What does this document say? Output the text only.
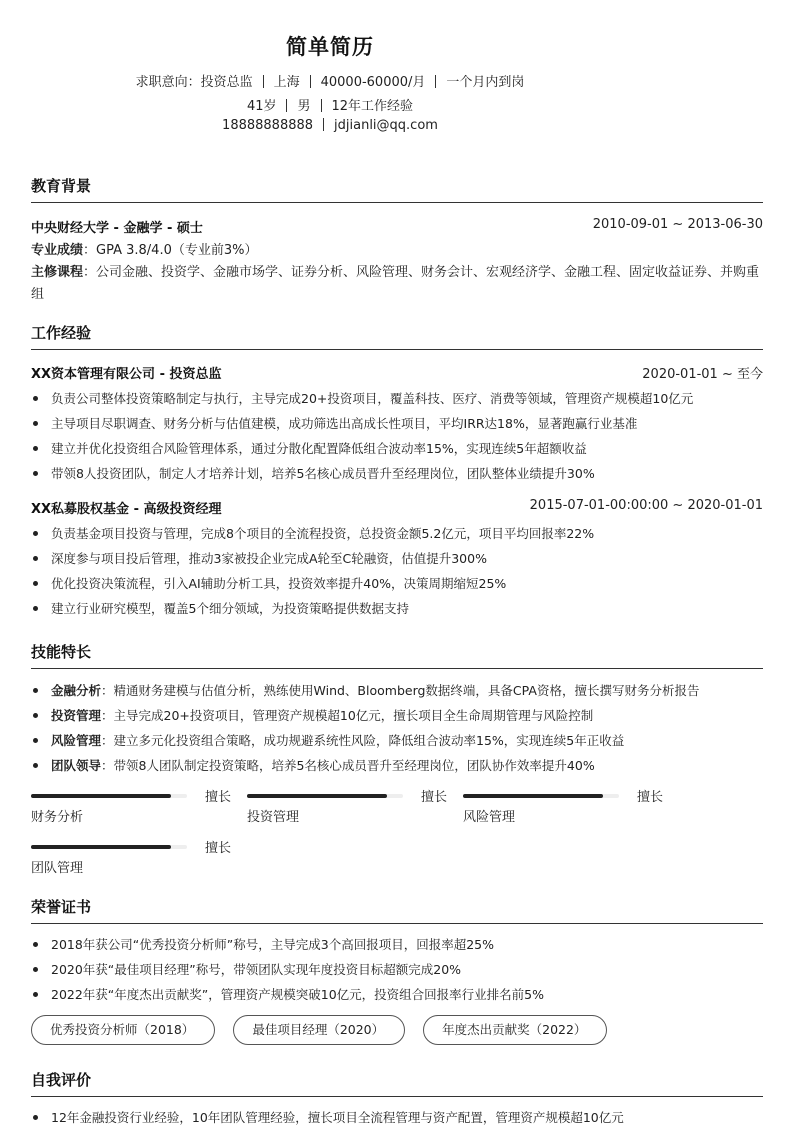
简单简历
求职意向：投资总监 上海 40000-60000/月 一个月内到岗
41岁 男 12年工作经验
18888888888 jdjianli@qq.com
教育背景
中央财经大学 - 金融学 - 硕士	2010-09-01 ~ 2013-06-30
专业成绩：GPA 3.8/4.0（专业前3%）
主修课程：公司金融、投资学、金融市场学、证券分析、风险管理、财务会计、宏观经济学、金融工程、固定收益证券、并购重组
工作经验
XX资本管理有限公司 - 投资总监	2020-01-01 ~ 至今
负责公司整体投资策略制定与执行，主导完成20+投资项目，覆盖科技、医疗、消费等领域，管理资产规模超10亿元
主导项目尽职调查、财务分析与估值建模，成功筛选出高成长性项目，平均IRR达18%，显著跑赢行业基准
建立并优化投资组合风险管理体系，通过分散化配置降低组合波动率15%，实现连续5年超额收益
带领8人投资团队，制定人才培养计划，培养5名核心成员晋升至经理岗位，团队整体业绩提升30%
XX私募股权基金 - 高级投资经理	2015-07-01-00:00:00 ~ 2020-01-01
负责基金项目投资与管理，完成8个项目的全流程投资，总投资金额5.2亿元，项目平均回报率22%
深度参与项目投后管理，推动3家被投企业完成A轮至C轮融资，估值提升300%
优化投资决策流程，引入AI辅助分析工具，投资效率提升40%，决策周期缩短25%
建立行业研究模型，覆盖5个细分领域，为投资策略提供数据支持
技能特长
金融分析：精通财务建模与估值分析，熟练使用Wind、Bloomberg数据终端，具备CPA资格，擅长撰写财务分析报告
投资管理：主导完成20+投资项目，管理资产规模超10亿元，擅长项目全生命周期管理与风险控制
风险管理：建立多元化投资组合策略，成功规避系统性风险，降低组合波动率15%，实现连续5年正收益
团队领导：带领8人团队制定投资策略，培养5名核心成员晋升至经理岗位，团队协作效率提升40%
擅长
财务分析
擅长
投资管理
擅长
风险管理
擅长
团队管理
荣誉证书
2018年获公司“优秀投资分析师”称号，主导完成3个高回报项目，回报率超25%
2020年获“最佳项目经理”称号，带领团队实现年度投资目标超额完成20%
2022年获“年度杰出贡献奖”，管理资产规模突破10亿元，投资组合回报率行业排名前5%
优秀投资分析师（2018）	最佳项目经理（2020）	年度杰出贡献奖（2022）
自我评价
12年金融投资行业经验，10年团队管理经验，擅长项目全流程管理与资产配置，管理资产规模超10亿元
